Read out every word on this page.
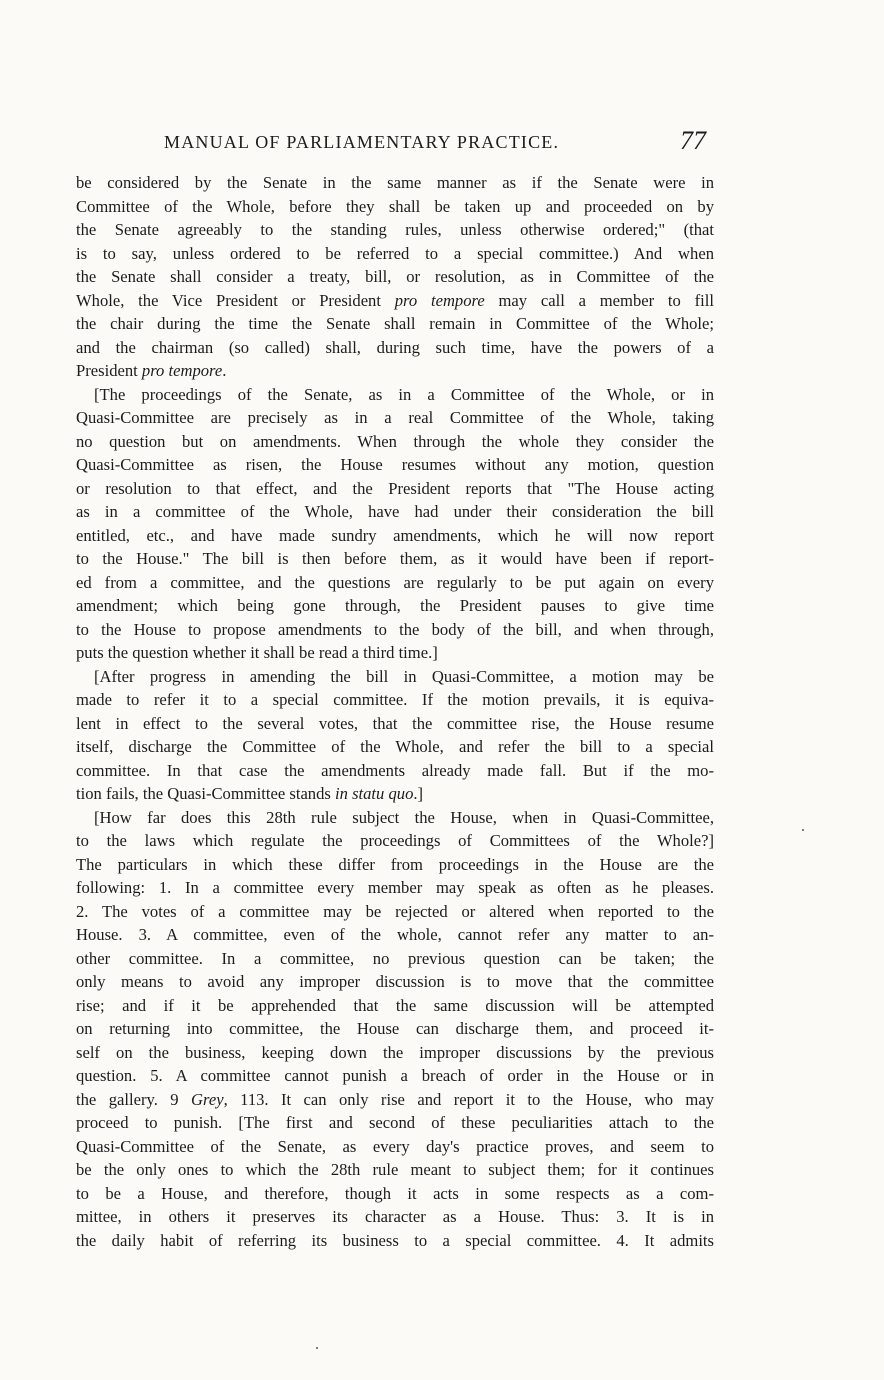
MANUAL OF PARLIAMENTARY PRACTICE.	77
be considered by the Senate in the same manner as if the Senate were in
Committee of the Whole, before they shall be taken up and proceeded on by
the Senate agreeably to the standing rules, unless otherwise ordered;" (that
is to say, unless ordered to be referred to a special committee.) And when
the Senate shall consider a treaty, bill, or resolution, as in Committee of the
Whole, the Vice President or President pro tempore may call a member to fill
the chair during the time the Senate shall remain in Committee of the Whole;
and the chairman (so called) shall, during such time, have the powers of a
President pro tempore.
[The proceedings of the Senate, as in a Committee of the Whole, or in
Quasi-Committee are precisely as in a real Committee of the Whole, taking
no question but on amendments. When through the whole they consider the
Quasi-Committee as risen, the House resumes without any motion, question
or resolution to that effect, and the President reports that "The House acting
as in a committee of the Whole, have had under their consideration the bill
entitled, etc., and have made sundry amendments, which he will now report
to the House." The bill is then before them, as it would have been if report-
ed from a committee, and the questions are regularly to be put again on every
amendment; which being gone through, the President pauses to give time
to the House to propose amendments to the body of the bill, and when through,
puts the question whether it shall be read a third time.]
[After progress in amending the bill in Quasi-Committee, a motion may be
made to refer it to a special committee. If the motion prevails, it is equiva-
lent in effect to the several votes, that the committee rise, the House resume
itself, discharge the Committee of the Whole, and refer the bill to a special
committee. In that case the amendments already made fall. But if the mo-
tion fails, the Quasi-Committee stands in statu quo.]
[How far does this 28th rule subject the House, when in Quasi-Committee,
to the laws which regulate the proceedings of Committees of the Whole?]
The particulars in which these differ from proceedings in the House are the
following: 1. In a committee every member may speak as often as he pleases.
2. The votes of a committee may be rejected or altered when reported to the
House. 3. A committee, even of the whole, cannot refer any matter to an-
other committee. In a committee, no previous question can be taken; the
only means to avoid any improper discussion is to move that the committee
rise; and if it be apprehended that the same discussion will be attempted
on returning into committee, the House can discharge them, and proceed it-
self on the business, keeping down the improper discussions by the previous
question. 5. A committee cannot punish a breach of order in the House or in
the gallery. 9 Grey, 113. It can only rise and report it to the House, who may
proceed to punish. [The first and second of these peculiarities attach to the
Quasi-Committee of the Senate, as every day's practice proves, and seem to
be the only ones to which the 28th rule meant to subject them; for it continues
to be a House, and therefore, though it acts in some respects as a com-
mittee, in others it preserves its character as a House. Thus: 3. It is in
the daily habit of referring its business to a special committee. 4. It admits
